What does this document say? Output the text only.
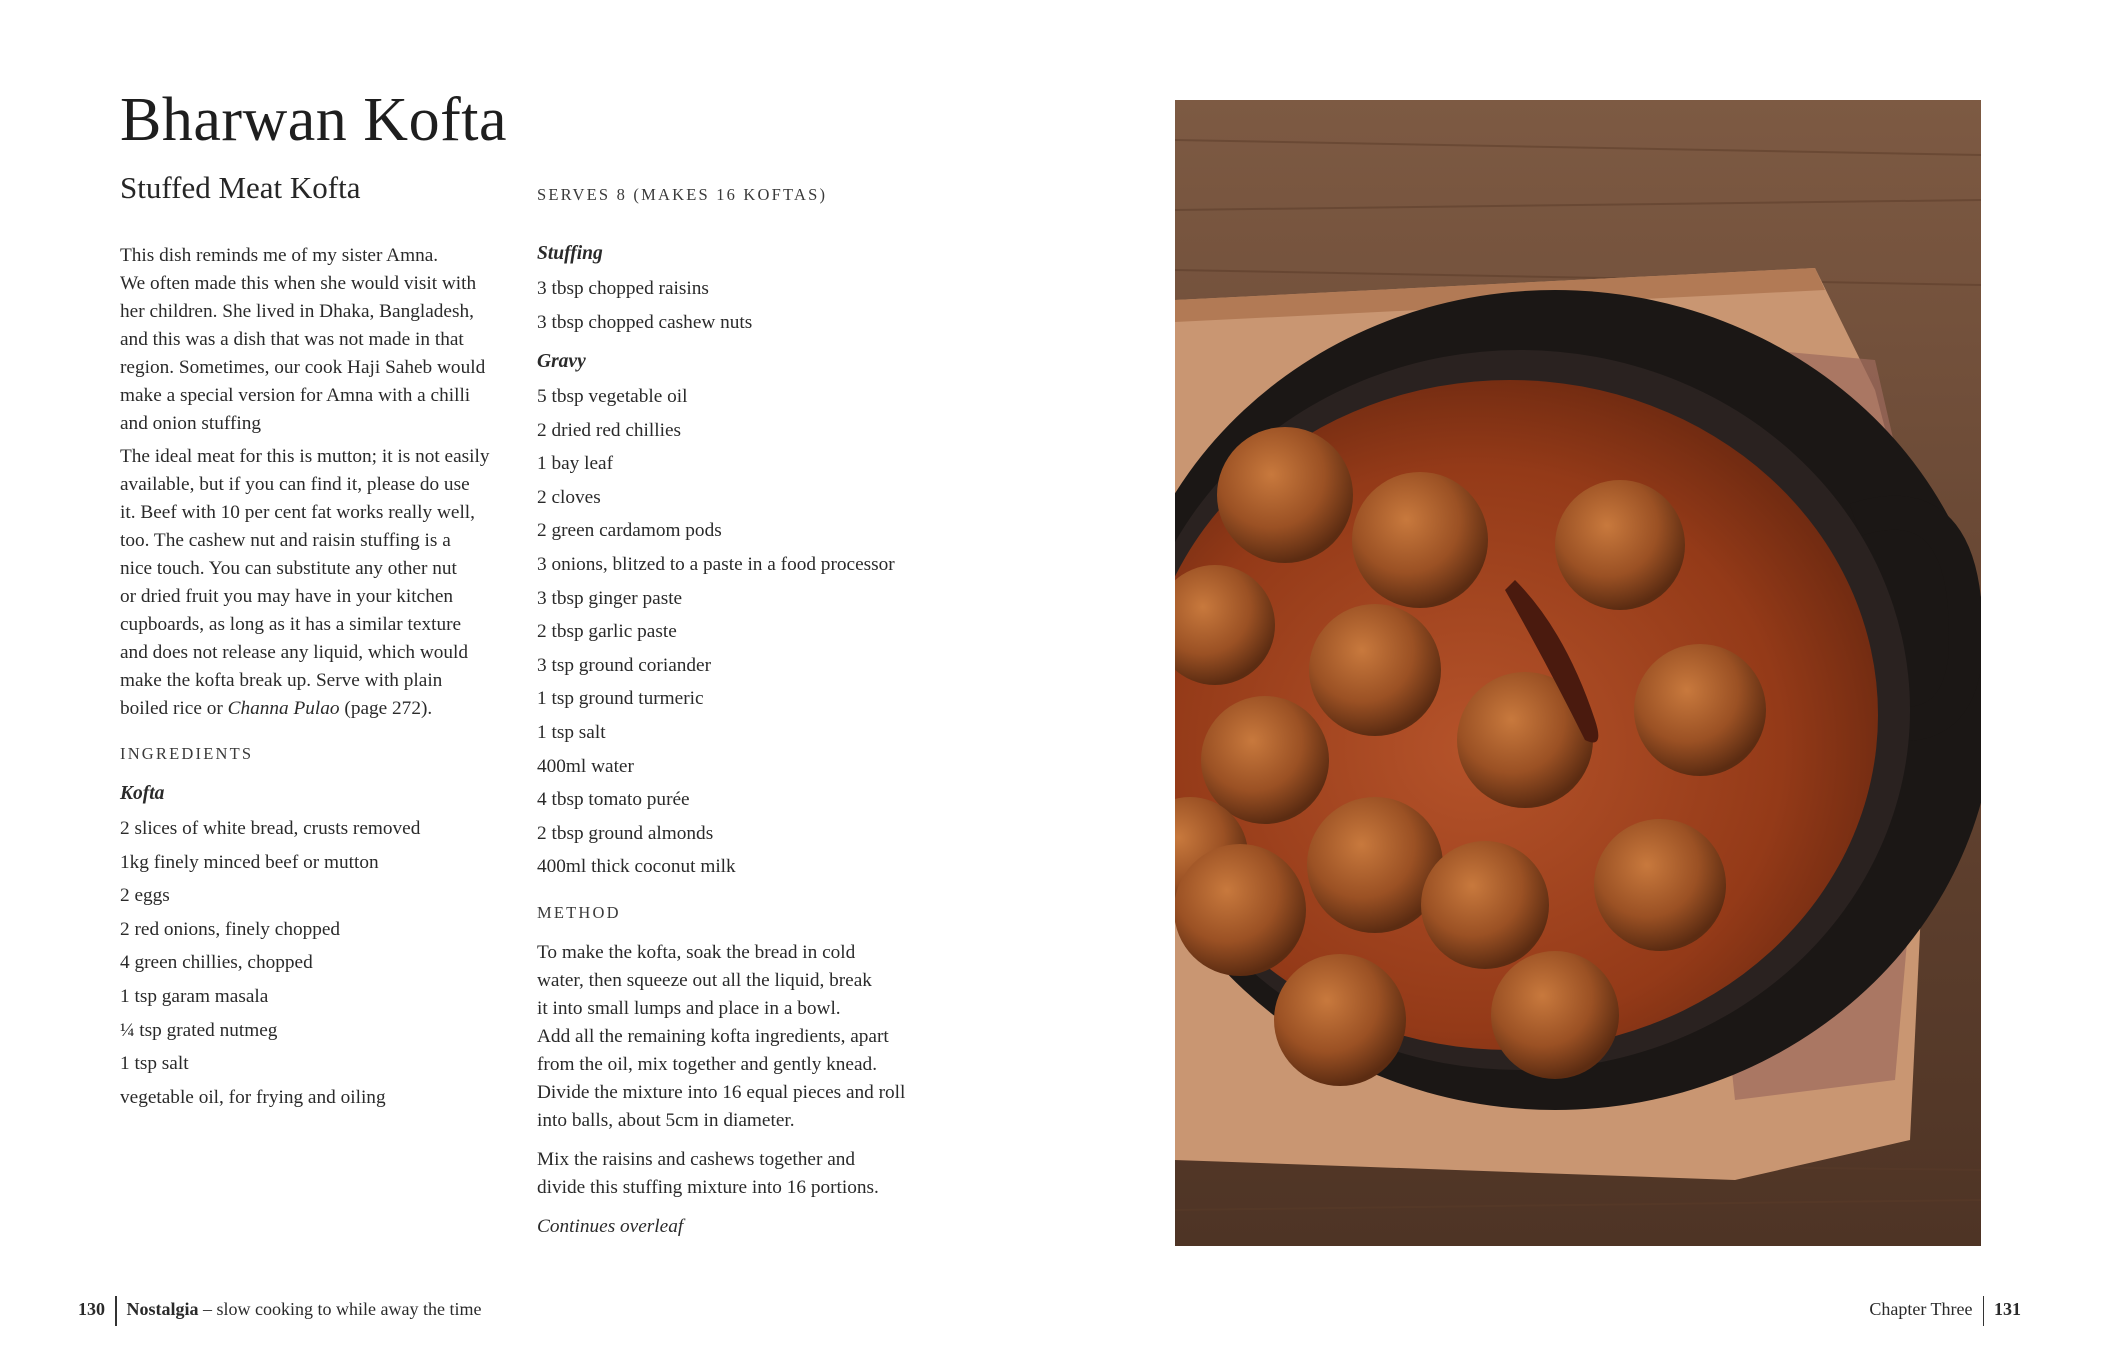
Bharwan Kofta
Stuffed Meat Kofta	SERVES 8 (MAKES 16 KOFTAS)

This dish reminds me of my sister Amna.
We often made this when she would visit with
her children. She lived in Dhaka, Bangladesh,
and this was a dish that was not made in that
region. Sometimes, our cook Haji Saheb would
make a special version for Amna with a chilli
and onion stuffing

The ideal meat for this is mutton; it is not easily
available, but if you can find it, please do use
it. Beef with 10 per cent fat works really well,
too. The cashew nut and raisin stuffing is a
nice touch. You can substitute any other nut
or dried fruit you may have in your kitchen
cupboards, as long as it has a similar texture
and does not release any liquid, which would
make the kofta break up. Serve with plain
boiled rice or Channa Pulao (page 272).

INGREDIENTS
Kofta
2 slices of white bread, crusts removed
1kg finely minced beef or mutton
2 eggs
2 red onions, finely chopped
4 green chillies, chopped
1 tsp garam masala
¼ tsp grated nutmeg
1 tsp salt
vegetable oil, for frying and oiling
Stuffing
3 tbsp chopped raisins
3 tbsp chopped cashew nuts
Gravy
5 tbsp vegetable oil
2 dried red chillies
1 bay leaf
2 cloves
2 green cardamom pods
3 onions, blitzed to a paste in a food processor
3 tbsp ginger paste
2 tbsp garlic paste
3 tsp ground coriander
1 tsp ground turmeric
1 tsp salt
400ml water
4 tbsp tomato purée
2 tbsp ground almonds
400ml thick coconut milk
METHOD

To make the kofta, soak the bread in cold
water, then squeeze out all the liquid, break
it into small lumps and place in a bowl.
Add all the remaining kofta ingredients, apart
from the oil, mix together and gently knead.
Divide the mixture into 16 equal pieces and roll
into balls, about 5cm in diameter.

Mix the raisins and cashews together and
divide this stuffing mixture into 16 portions.

Continues overleaf

130 Nostalgia – slow cooking to while away the time	Chapter Three 131
